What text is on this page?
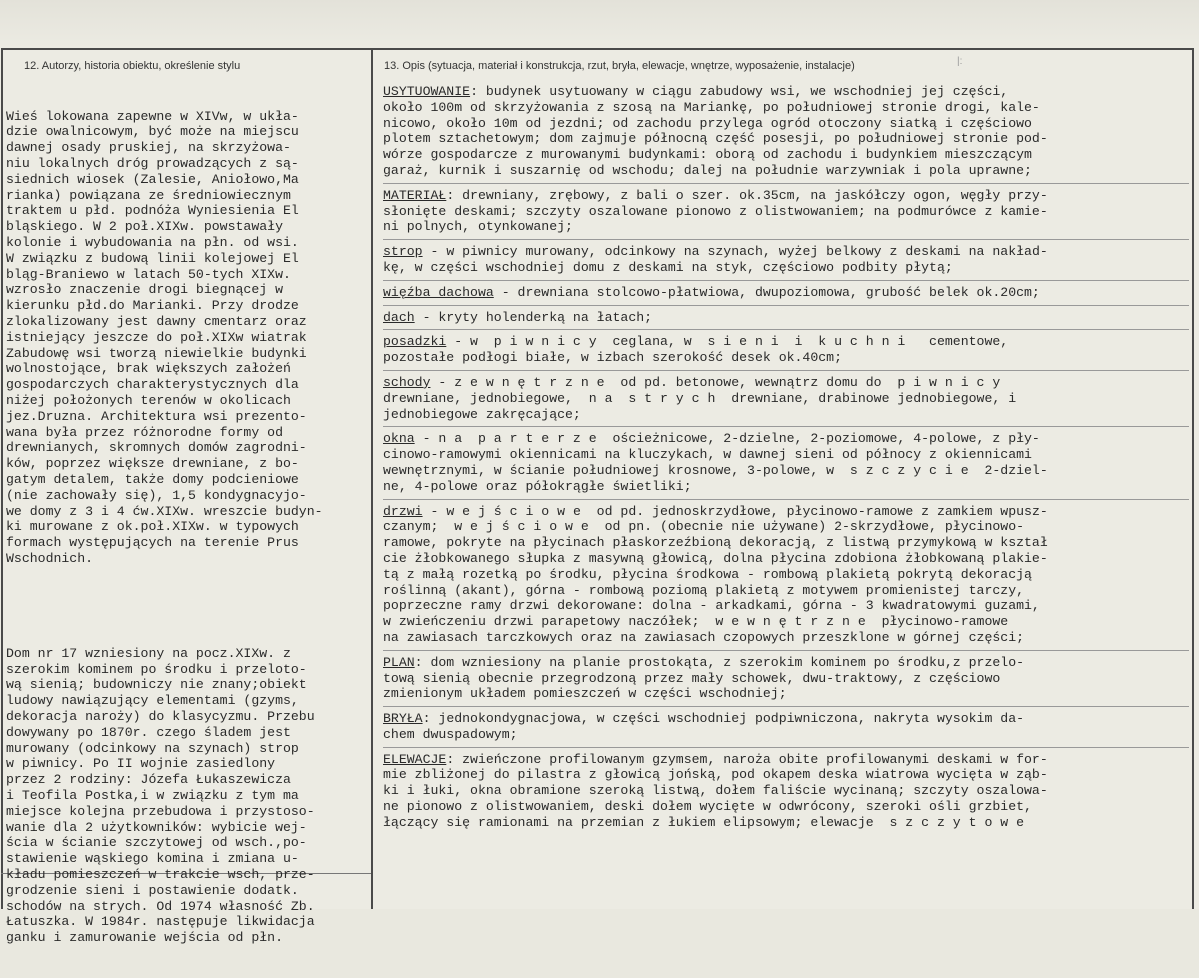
12. Autorzy, historia obiektu, określenie stylu	13. Opis (sytuacja, materiał i konstrukcja, rzut, bryła, elewacje, wnętrze, wyposażenie, instalacje)	|:

Wieś lokowana zapewne w XIVw, w ukła-
dzie owalnicowym, być może na miejscu
dawnej osady pruskiej, na skrzyżowa-
niu lokalnych dróg prowadzących z są-
siednich wiosek (Zalesie, Aniołowo,Ma
rianka) powiązana ze średniowiecznym
traktem u płd. podnóża Wyniesienia El
bląskiego. W 2 poł.XIXw. powstawały
kolonie i wybudowania na płn. od wsi.
W związku z budową linii kolejowej El
bląg-Braniewo w latach 50-tych XIXw.
wzrosło znaczenie drogi biegnącej w
kierunku płd.do Marianki. Przy drodze
zlokalizowany jest dawny cmentarz oraz
istniejący jeszcze do poł.XIXw wiatrak
Zabudowę wsi tworzą niewielkie budynki
wolnostojące, brak większych założeń
gospodarczych charakterystycznych dla
niżej położonych terenów w okolicach
jez.Druzna. Architektura wsi prezento-
wana była przez różnorodne formy od
drewnianych, skromnych domów zagrodni-
ków, poprzez większe drewniane, z bo-
gatym detalem, także domy podcieniowe
(nie zachowały się), 1,5 kondygnacyjo-
we domy z 3 i 4 ćw.XIXw. wreszcie budyn-
ki murowane z ok.poł.XIXw. w typowych
formach występujących na terenie Prus
Wschodnich.

Dom nr 17 wzniesiony na pocz.XIXw. z
szerokim kominem po środku i przeloto-
wą sienią; budowniczy nie znany;obiekt
ludowy nawiązujący elementami (gzyms,
dekoracja naroży) do klasycyzmu. Przebu
dowywany po 1870r. czego śladem jest
murowany (odcinkowy na szynach) strop
w piwnicy. Po II wojnie zasiedlony
przez 2 rodziny: Józefa Łukaszewicza
i Teofila Postka,i w związku z tym ma
miejsce kolejna przebudowa i przystoso-
wanie dla 2 użytkowników: wybicie wej-
ścia w ścianie szczytowej od wsch.,po-
stawienie wąskiego komina i zmiana u-
kładu pomieszczeń w trakcie wsch, prze-
grodzenie sieni i postawienie dodatk.
schodów na strych. Od 1974 własność Zb.
Łatuszka. W 1984r. następuje likwidacja
ganku i zamurowanie wejścia od płn.

USYTUOWANIE: budynek usytuowany w ciągu zabudowy wsi, we wschodniej jej części,
około 100m od skrzyżowania z szosą na Mariankę, po południowej stronie drogi, kale-
nicowo, około 10m od jezdni; od zachodu przylega ogród otoczony siatką i częściowo
plotem sztachetowym; dom zajmuje północną część posesji, po południowej stronie pod-
wórze gospodarcze z murowanymi budynkami: oborą od zachodu i budynkiem mieszczącym
garaż, kurnik i suszarnię od wschodu; dalej na południe warzywniak i pola uprawne;
MATERIAŁ: drewniany, zrębowy, z bali o szer. ok.35cm, na jaskółczy ogon, węgły przy-
słonięte deskami; szczyty oszalowane pionowo z olistwowaniem; na podmurówce z kamie-
ni polnych, otynkowanej;
strop - w piwnicy murowany, odcinkowy na szynach, wyżej belkowy z deskami na nakład-
kę, w części wschodniej domu z deskami na styk, częściowo podbity płytą;
więźba dachowa - drewniana stolcowo-płatwiowa, dwupoziomowa, grubość belek ok.20cm;
dach - kryty holenderką na łatach;
posadzki - w  p i w n i c y  ceglana, w  s i e n i  i  k u c h n i   cementowe,
pozostałe podłogi białe, w izbach szerokość desek ok.40cm;
schody - z e w n ę t r z n e  od pd. betonowe, wewnątrz domu do  p i w n i c y
drewniane, jednobiegowe,  n a  s t r y c h  drewniane, drabinowe jednobiegowe, i
jednobiegowe zakręcające;
okna - n a  p a r t e r z e  ościeżnicowe, 2-dzielne, 2-poziomowe, 4-polowe, z pły-
cinowo-ramowymi okiennicami na kluczykach, w dawnej sieni od północy z okiennicami
wewnętrznymi, w ścianie południowej krosnowe, 3-polowe, w  s z c z y c i e  2-dziel-
ne, 4-polowe oraz półokrągłe świetliki;
drzwi - w e j ś c i o w e  od pd. jednoskrzydłowe, płycinowo-ramowe z zamkiem wpusz-
czanym;  w e j ś c i o w e  od pn. (obecnie nie używane) 2-skrzydłowe, płycinowo-
ramowe, pokryte na płycinach płaskorzeźbioną dekoracją, z listwą przymykową w kształ
cie żłobkowanego słupka z masywną głowicą, dolna płycina zdobiona żłobkowaną plakie-
tą z małą rozetką po środku, płycina środkowa - rombową plakietą pokrytą dekoracją
roślinną (akant), górna - rombową poziomą plakietą z motywem promienistej tarczy,
poprzeczne ramy drzwi dekorowane: dolna - arkadkami, górna - 3 kwadratowymi guzami,
w zwieńczeniu drzwi parapetowy naczółek;  w e w n ę t r z n e  płycinowo-ramowe
na zawiasach tarczkowych oraz na zawiasach czopowych przeszklone w górnej części;
PLAN: dom wzniesiony na planie prostokąta, z szerokim kominem po środku,z przelo-
tową sienią obecnie przegrodzoną przez mały schowek, dwu-traktowy, z częściowo
zmienionym układem pomieszczeń w części wschodniej;
BRYŁA: jednokondygnacjowa, w części wschodniej podpiwniczona, nakryta wysokim da-
chem dwuspadowym;
ELEWACJE: zwieńczone profilowanym gzymsem, naroża obite profilowanymi deskami w for-
mie zbliżonej do pilastra z głowicą jońską, pod okapem deska wiatrowa wycięta w ząb-
ki i łuki, okna obramione szeroką listwą, dołem faliście wycinaną; szczyty oszalowa-
ne pionowo z olistwowaniem, deski dołem wycięte w odwrócony, szeroki ośli grzbiet,
łączący się ramionami na przemian z łukiem elipsowym; elewacje  s z c z y t o w e
